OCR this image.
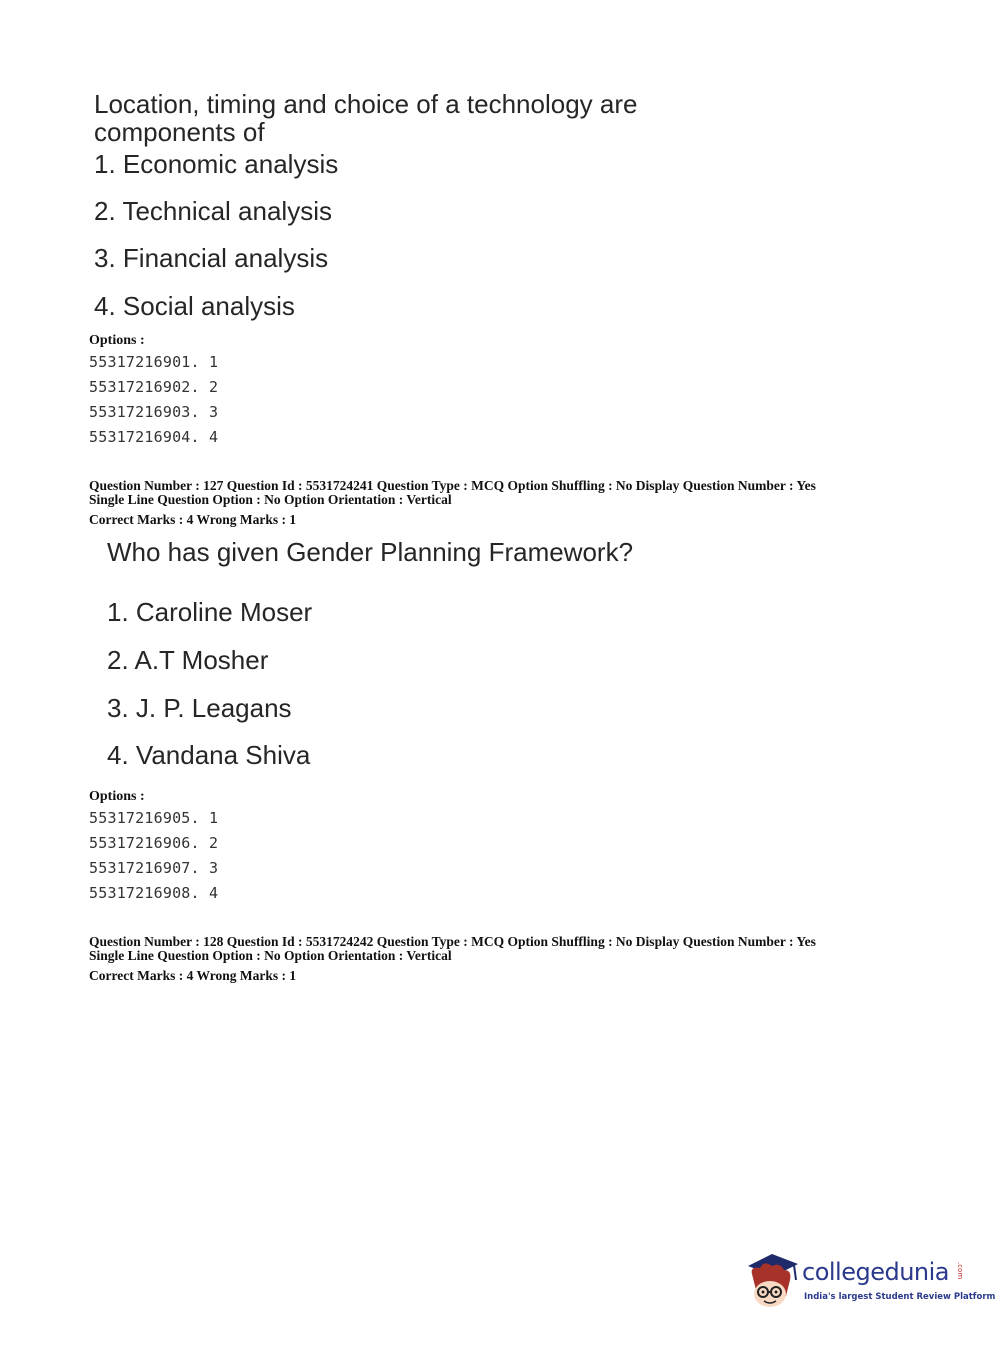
Location, timing and choice of a technology are

components of

1. Economic analysis
2. Technical analysis
3. Financial analysis
4. Social analysis
Options :
55317216901. 1
55317216902. 2
55317216903. 3
55317216904. 4
Question Number : 127 Question Id : 5531724241 Question Type : MCQ Option Shuffling : No Display Question Number : Yes
Single Line Question Option : No Option Orientation : Vertical
Correct Marks : 4 Wrong Marks : 1

Who has given Gender Planning Framework?

1. Caroline Moser
2. A.T Mosher
3. J. P. Leagans
4. Vandana Shiva
Options :
55317216905. 1
55317216906. 2
55317216907. 3
55317216908. 4
Question Number : 128 Question Id : 5531724242 Question Type : MCQ Option Shuffling : No Display Question Number : Yes
Single Line Question Option : No Option Orientation : Vertical
Correct Marks : 4 Wrong Marks : 1
collegedunia .com
India's largest Student Review Platform
